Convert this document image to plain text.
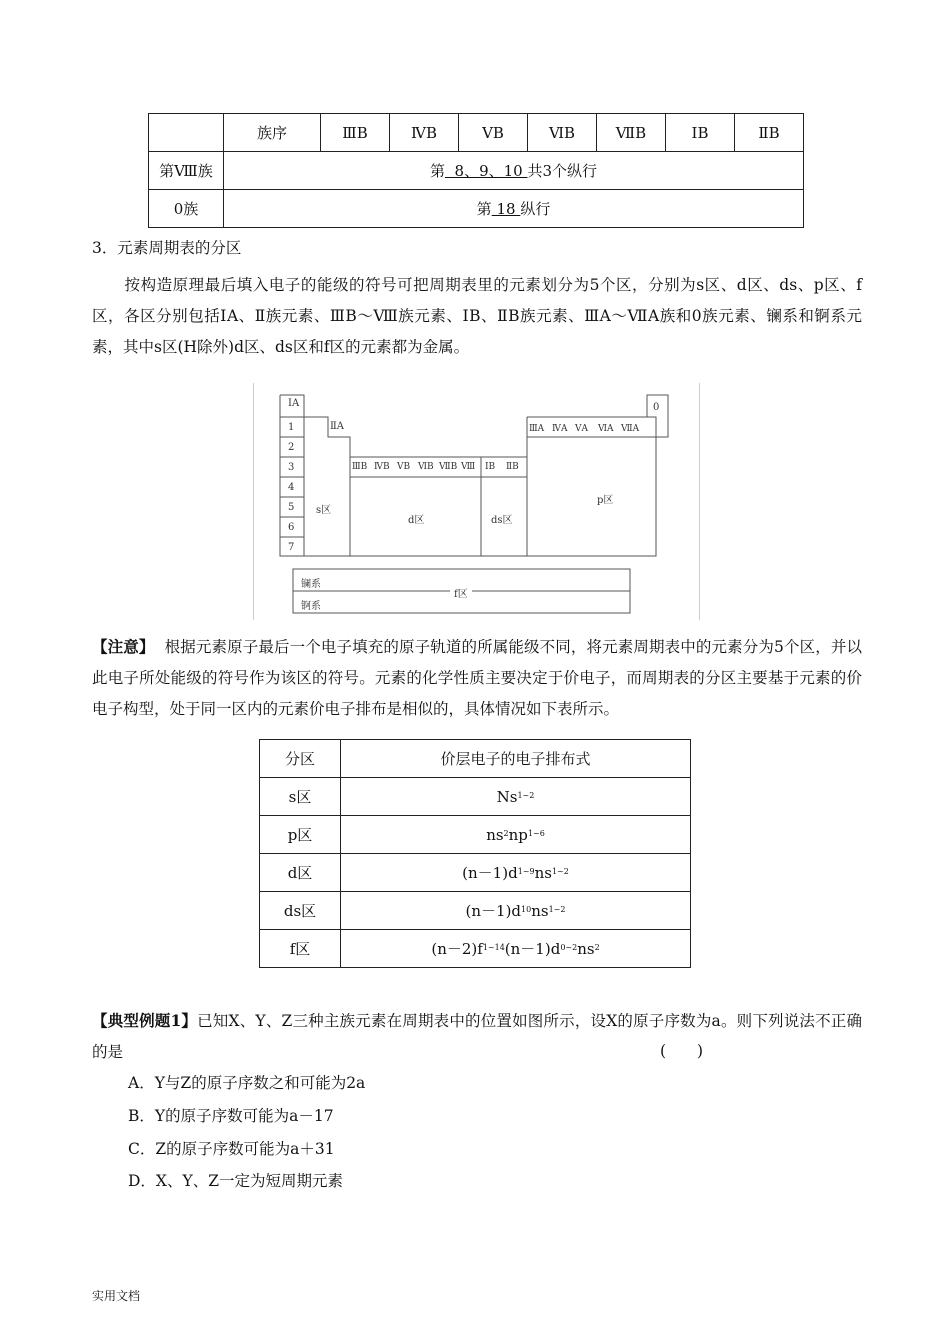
	族序	ⅢB	ⅣB	ⅤB	ⅥB	ⅦB	ⅠB	ⅡB
第Ⅷ族	第  8、9、10 共3个纵行							
0族	第 18 纵行							
3．元素周期表的分区
按构造原理最后填入电子的能级的符号可把周期表里的元素划分为5个区，分别为s区、d区、ds、p区、f区，各区分别包括ⅠA、Ⅱ族元素、ⅢB～Ⅷ族元素、ⅠB、ⅡB族元素、ⅢA～ⅦA族和0族元素、镧系和锕系元素，其中s区(H除外)d区、ds区和f区的元素都为金属。
ⅠA
ⅡA
0
1
2
3
4
5
6
7
ⅢB ⅣB ⅤB ⅥB ⅦB Ⅷ ⅠB ⅡB
ⅢA ⅣA ⅤA ⅥA ⅦA
s区
d区	ds区
p区
f区
镧系
锕系
【注意】 根据元素原子最后一个电子填充的原子轨道的所属能级不同，将元素周期表中的元素分为5个区，并以此电子所处能级的符号作为该区的符号。元素的化学性质主要决定于价电子，而周期表的分区主要基于元素的价电子构型，处于同一区内的元素价电子排布是相似的，具体情况如下表所示。
分区	价层电子的电子排布式
s区	$Ns^{1\sim 2}$
p区	$ns^2np^{1\sim 6}$
d区	$(n-1)d^{1\sim 9}ns^{1\sim 2}$
ds区	$(n-1)d^{10}ns^{1\sim 2}$
f区	$(n-2)f^{1\sim 14}(n-1)d^{0\sim 2}ns^2$
【典型例题1】已知X、Y、Z三种主族元素在周期表中的位置如图所示，设X的原子序数为a。则下列说法不正确的是	(　　)
A．Y与Z的原子序数之和可能为2a
B．Y的原子序数可能为a－17
C．Z的原子序数可能为a＋31
D．X、Y、Z一定为短周期元素
实用文档
